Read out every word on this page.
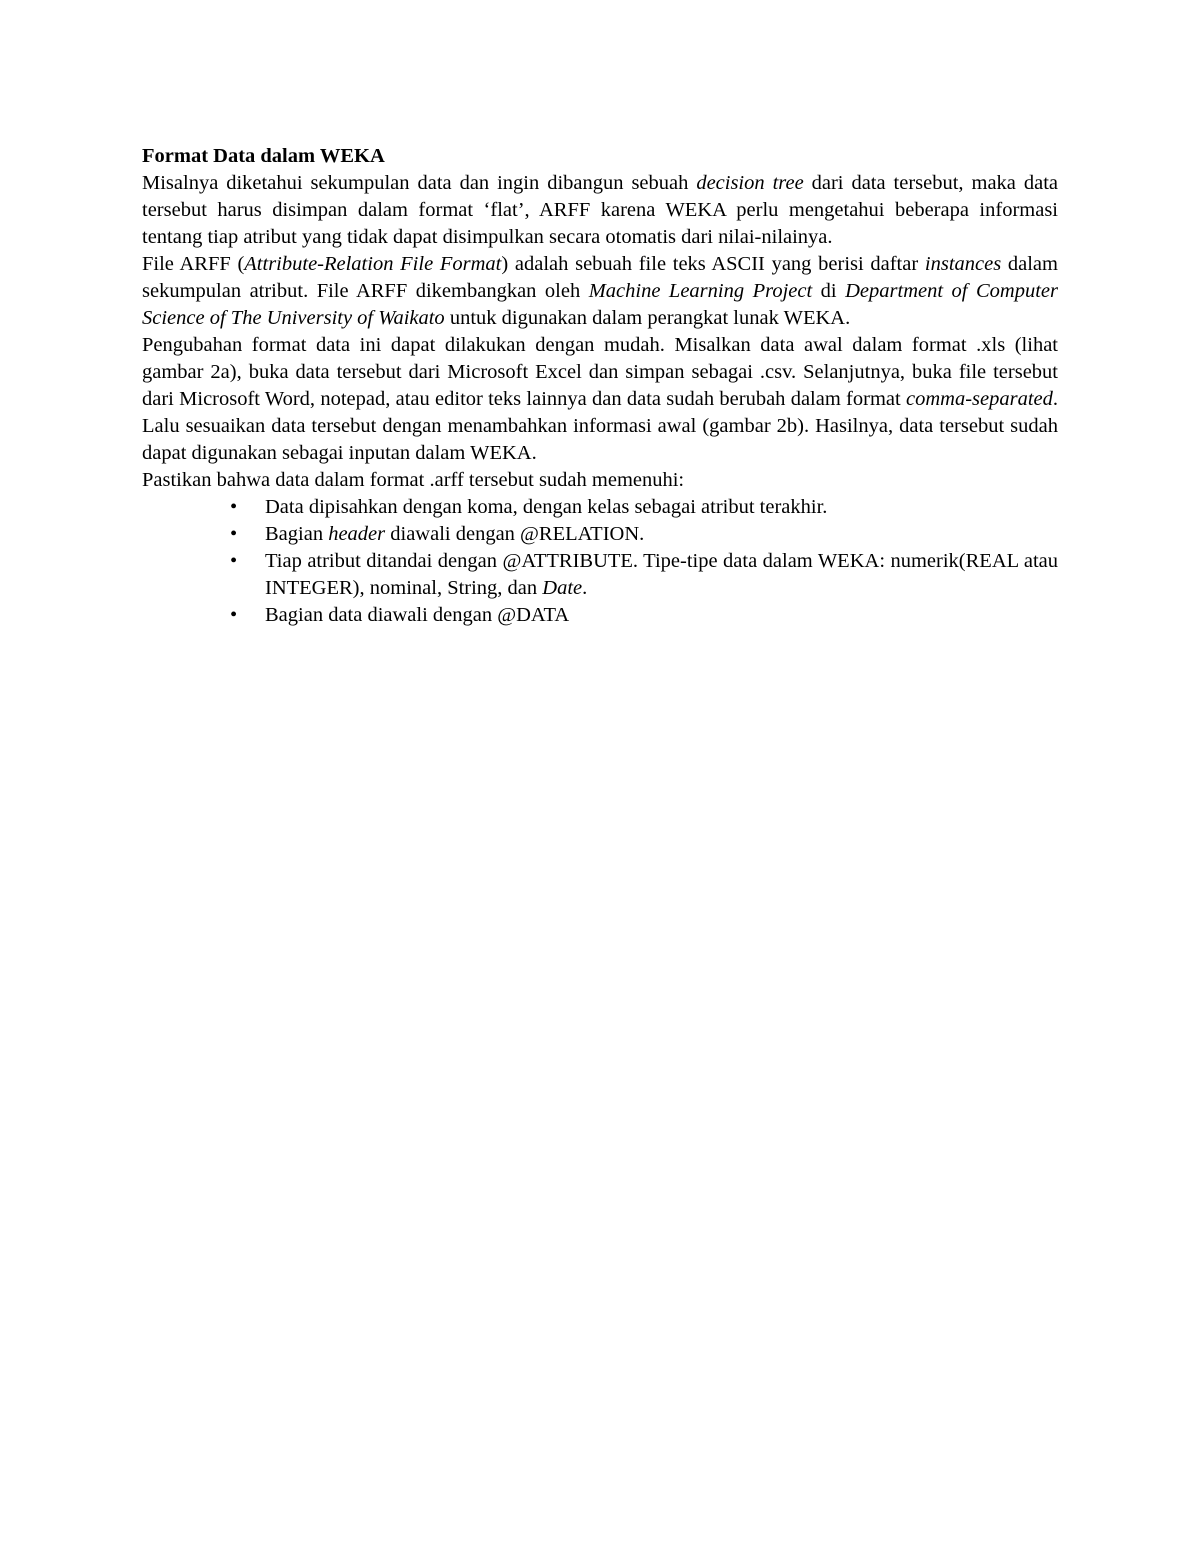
Format Data dalam WEKA

Misalnya diketahui sekumpulan data dan ingin dibangun sebuah decision tree dari data tersebut, maka data tersebut harus disimpan dalam format ‘flat’, ARFF karena WEKA perlu mengetahui beberapa informasi tentang tiap atribut yang tidak dapat disimpulkan secara otomatis dari nilai-nilainya.

File ARFF (Attribute-Relation File Format) adalah sebuah file teks ASCII yang berisi daftar instances dalam sekumpulan atribut. File ARFF dikembangkan oleh Machine Learning Project di Department of Computer Science of The University of Waikato untuk digunakan dalam perangkat lunak WEKA.

Pengubahan format data ini dapat dilakukan dengan mudah. Misalkan data awal dalam format .xls (lihat gambar 2a), buka data tersebut dari Microsoft Excel dan simpan sebagai .csv. Selanjutnya, buka file tersebut dari Microsoft Word, notepad, atau editor teks lainnya dan data sudah berubah dalam format comma-separated. Lalu sesuaikan data tersebut dengan menambahkan informasi awal (gambar 2b). Hasilnya, data tersebut sudah dapat digunakan sebagai inputan dalam WEKA.

Pastikan bahwa data dalam format .arff tersebut sudah memenuhi:

• Data dipisahkan dengan koma, dengan kelas sebagai atribut terakhir.
• Bagian header diawali dengan @RELATION.
• Tiap atribut ditandai dengan @ATTRIBUTE. Tipe-tipe data dalam WEKA: numerik(REAL atau INTEGER), nominal, String, dan Date.
• Bagian data diawali dengan @DATA
